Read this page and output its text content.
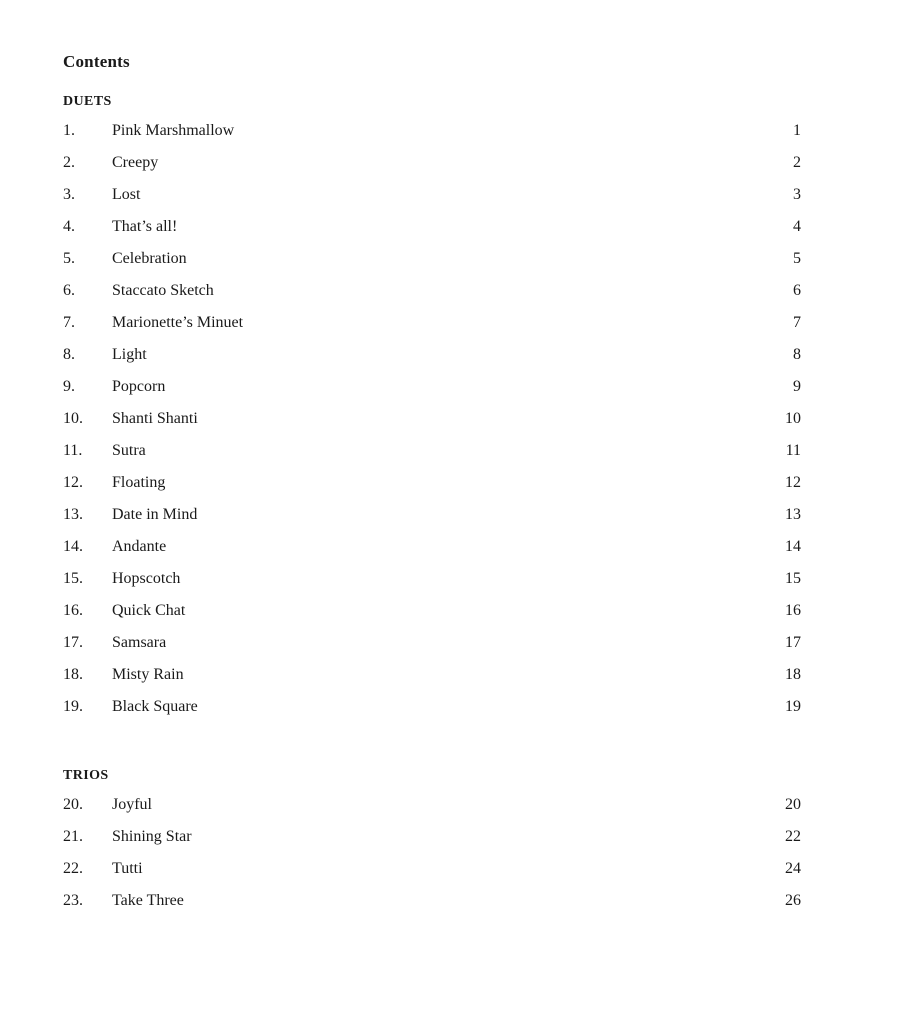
Contents
DUETS
1.	Pink Marshmallow	1
2.	Creepy	2
3.	Lost	3
4.	That’s all!	4
5.	Celebration	5
6.	Staccato Sketch	6
7.	Marionette’s Minuet	7
8.	Light	8
9.	Popcorn	9
10.	Shanti Shanti	10
11.	Sutra	11
12.	Floating	12
13.	Date in Mind	13
14.	Andante	14
15.	Hopscotch	15
16.	Quick Chat	16
17.	Samsara	17
18.	Misty Rain	18
19.	Black Square	19
TRIOS
20.	Joyful	20
21.	Shining Star	22
22.	Tutti	24
23.	Take Three	26
